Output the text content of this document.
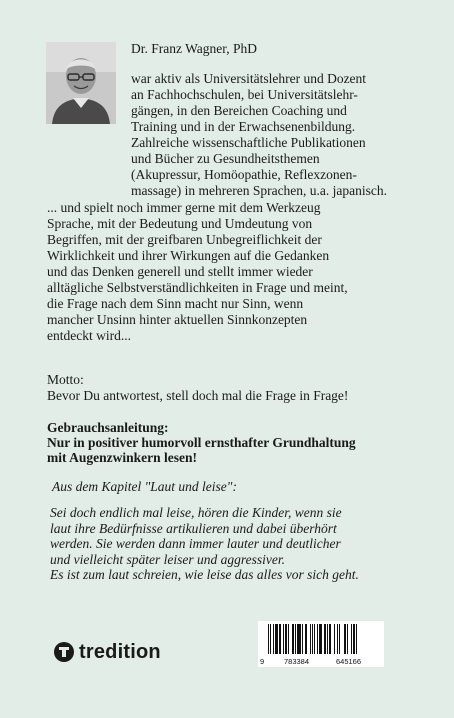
Dr. Franz Wagner, PhD
war aktiv als Universitätslehrer und Dozent
an Fachhochschulen, bei Universitätslehr-
gängen, in den Bereichen Coaching und
Training und in der Erwachsenenbildung.
Zahlreiche wissenschaftliche Publikationen
und Bücher zu Gesundheitsthemen
(Akupressur, Homöopathie, Reflexzonen-
massage) in mehreren Sprachen, u.a. japanisch.
... und spielt noch immer gerne mit dem Werkzeug
Sprache, mit der Bedeutung und Umdeutung von
Begriffen, mit der greifbaren Unbegreiflichkeit der
Wirklichkeit und ihrer Wirkungen auf die Gedanken
und das Denken generell und stellt immer wieder
alltägliche Selbstverständlichkeiten in Frage und meint,
die Frage nach dem Sinn macht nur Sinn, wenn
mancher Unsinn hinter aktuellen Sinnkonzepten
entdeckt wird...
Motto:
Bevor Du antwortest, stell doch mal die Frage in Frage!
Gebrauchsanleitung:
Nur in positiver humorvoll ernsthafter Grundhaltung
mit Augenzwinkern lesen!
Aus dem Kapitel "Laut und leise":
Sei doch endlich mal leise, hören die Kinder, wenn sie
laut ihre Bedürfnisse artikulieren und dabei überhört
werden. Sie werden dann immer lauter und deutlicher
und vielleicht später leiser und aggressiver.
Es ist zum laut schreien, wie leise das alles vor sich geht.
tredition	9	783384	645166
